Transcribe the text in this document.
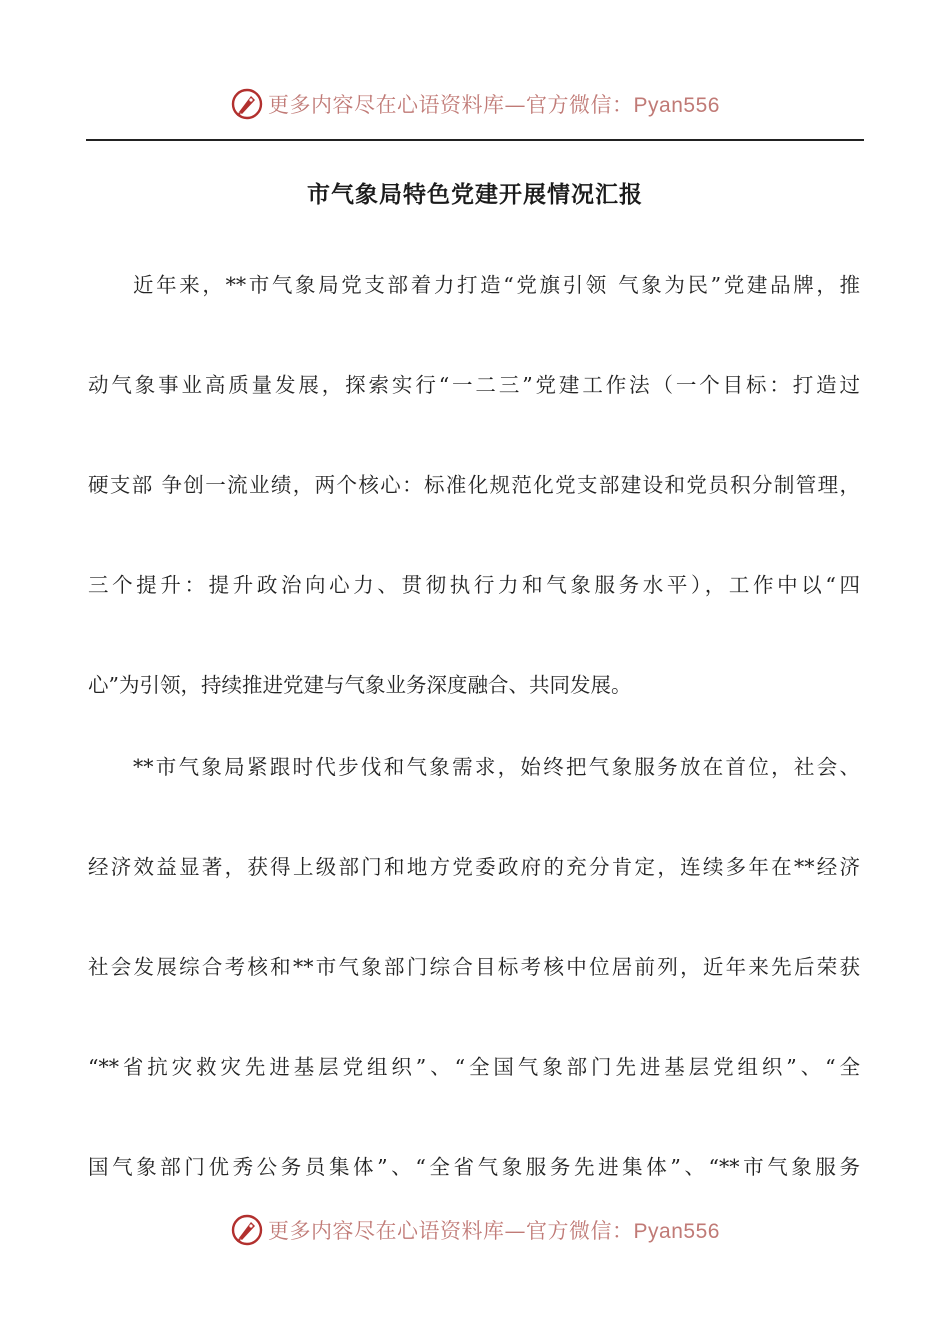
更多内容尽在心语资料库—官方微信：Pyan556
市气象局特色党建开展情况汇报
近年来，**市气象局党支部着力打造“党旗引领 气象为民”党建品牌，推
动气象事业高质量发展，探索实行“一二三”党建工作法（一个目标：打造过
硬支部 争创一流业绩，两个核心：标准化规范化党支部建设和党员积分制管理，
三个提升：提升政治向心力、贯彻执行力和气象服务水平），工作中以“四
心”为引领，持续推进党建与气象业务深度融合、共同发展。
**市气象局紧跟时代步伐和气象需求，始终把气象服务放在首位，社会、
经济效益显著，获得上级部门和地方党委政府的充分肯定，连续多年在**经济
社会发展综合考核和**市气象部门综合目标考核中位居前列，近年来先后荣获
“**省抗灾救灾先进基层党组织”、“全国气象部门先进基层党组织”、“全
国气象部门优秀公务员集体”、“全省气象服务先进集体”、“**市气象服务
更多内容尽在心语资料库—官方微信：Pyan556
